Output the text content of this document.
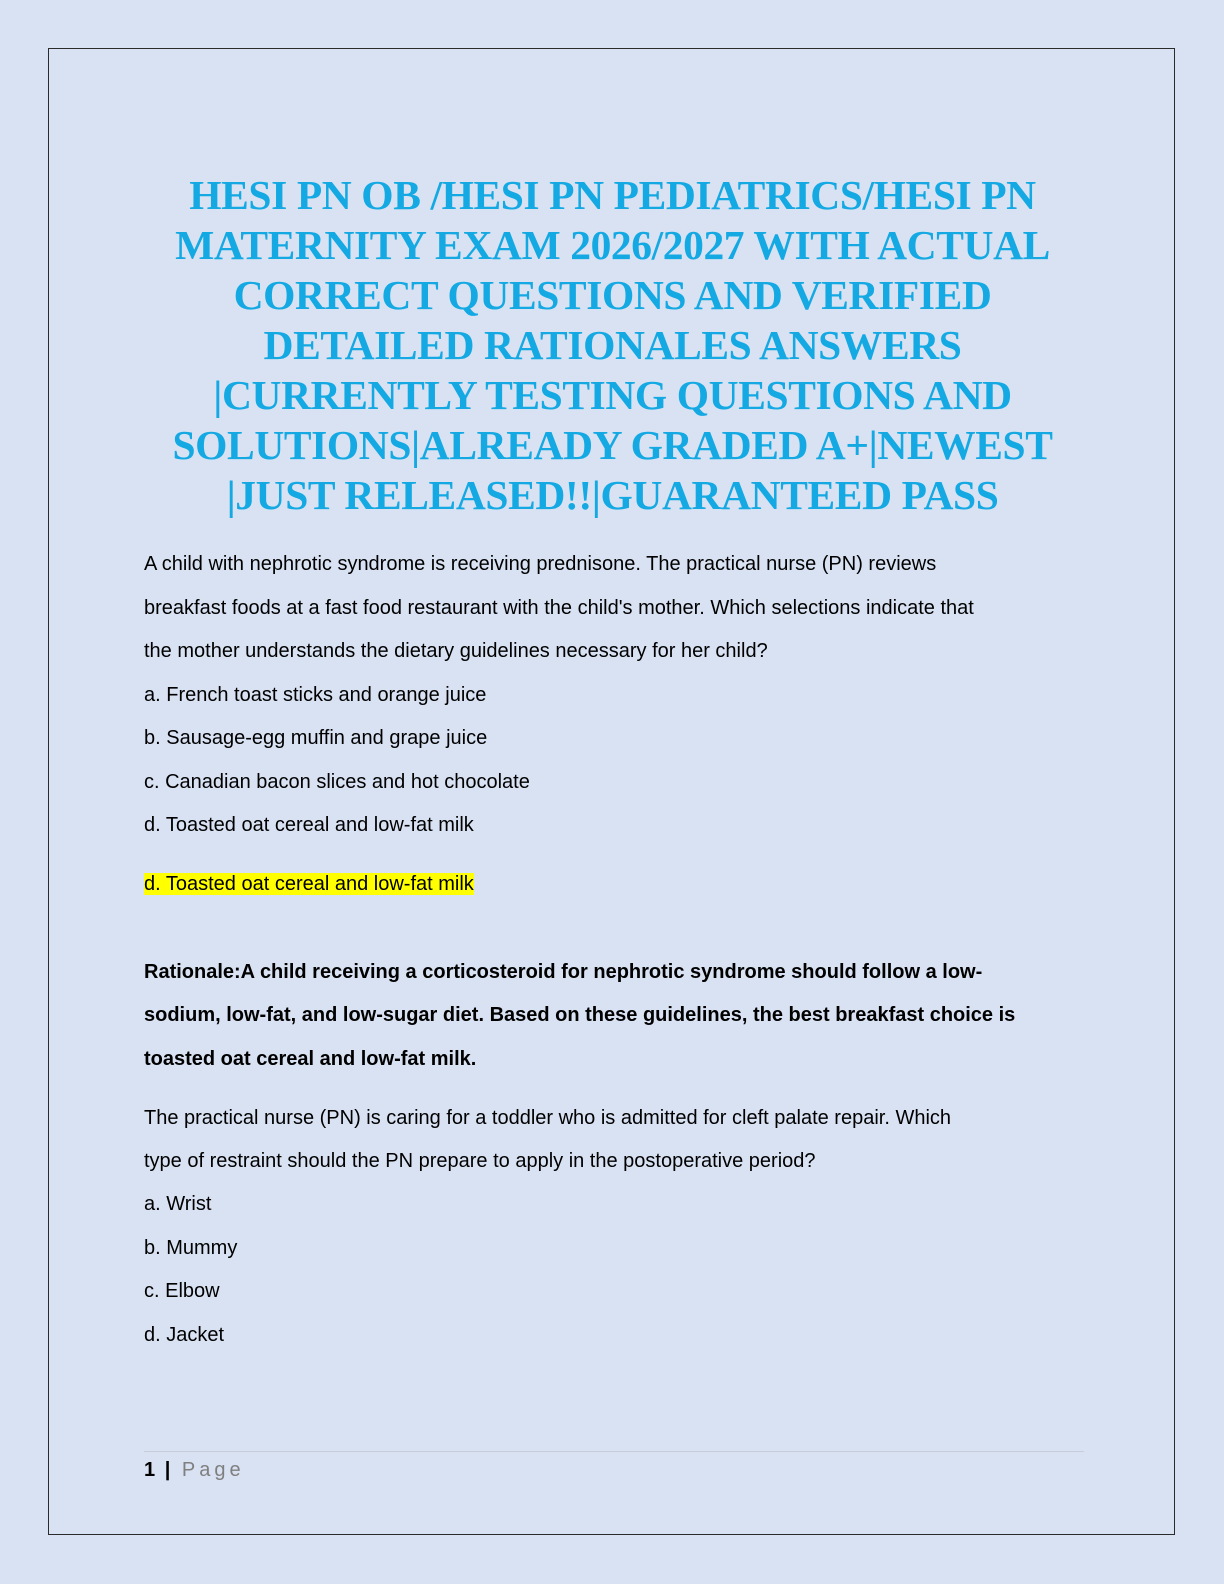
HESI PN OB /HESI PN PEDIATRICS/HESI PN
MATERNITY EXAM 2026/2027 WITH ACTUAL
CORRECT QUESTIONS AND VERIFIED
DETAILED RATIONALES ANSWERS
|CURRENTLY TESTING QUESTIONS AND
SOLUTIONS|ALREADY GRADED A+|NEWEST
|JUST RELEASED!!|GUARANTEED PASS
A child with nephrotic syndrome is receiving prednisone. The practical nurse (PN) reviews
breakfast foods at a fast food restaurant with the child's mother. Which selections indicate that
the mother understands the dietary guidelines necessary for her child?
a. French toast sticks and orange juice
b. Sausage-egg muffin and grape juice
c. Canadian bacon slices and hot chocolate
d. Toasted oat cereal and low-fat milk
d. Toasted oat cereal and low-fat milk
Rationale:A child receiving a corticosteroid for nephrotic syndrome should follow a low-
sodium, low-fat, and low-sugar diet. Based on these guidelines, the best breakfast choice is
toasted oat cereal and low-fat milk.
The practical nurse (PN) is caring for a toddler who is admitted for cleft palate repair. Which
type of restraint should the PN prepare to apply in the postoperative period?
a. Wrist
b. Mummy
c. Elbow
d. Jacket
1 | Page
